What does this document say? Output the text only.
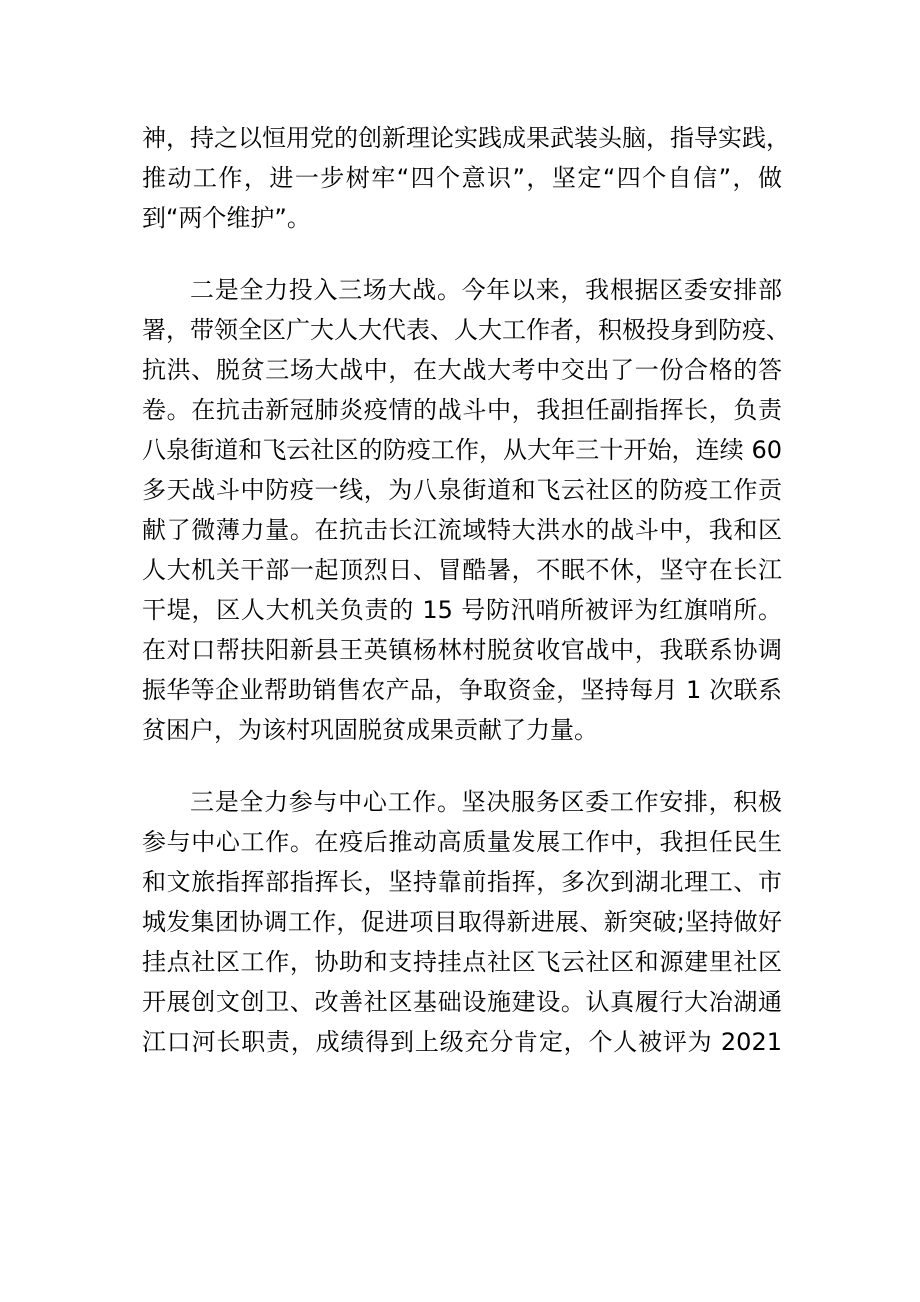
神，持之以恒用党的创新理论实践成果武装头脑，指导实践，
推动工作，进一步树牢“四个意识”，坚定“四个自信”，做
到“两个维护”。
二是全力投入三场大战。今年以来，我根据区委安排部
署，带领全区广大人大代表、人大工作者，积极投身到防疫、
抗洪、脱贫三场大战中，在大战大考中交出了一份合格的答
卷。在抗击新冠肺炎疫情的战斗中，我担任副指挥长，负责
八泉街道和飞云社区的防疫工作，从大年三十开始，连续 60
多天战斗中防疫一线，为八泉街道和飞云社区的防疫工作贡
献了微薄力量。在抗击长江流域特大洪水的战斗中，我和区
人大机关干部一起顶烈日、冒酷暑，不眠不休，坚守在长江
干堤，区人大机关负责的 15 号防汛哨所被评为红旗哨所。
在对口帮扶阳新县王英镇杨林村脱贫收官战中，我联系协调
振华等企业帮助销售农产品，争取资金，坚持每月 1 次联系
贫困户，为该村巩固脱贫成果贡献了力量。
三是全力参与中心工作。坚决服务区委工作安排，积极
参与中心工作。在疫后推动高质量发展工作中，我担任民生
和文旅指挥部指挥长，坚持靠前指挥，多次到湖北理工、市
城发集团协调工作，促进项目取得新进展、新突破;坚持做好
挂点社区工作，协助和支持挂点社区飞云社区和源建里社区
开展创文创卫、改善社区基础设施建设。认真履行大冶湖通
江口河长职责，成绩得到上级充分肯定，个人被评为 2021
